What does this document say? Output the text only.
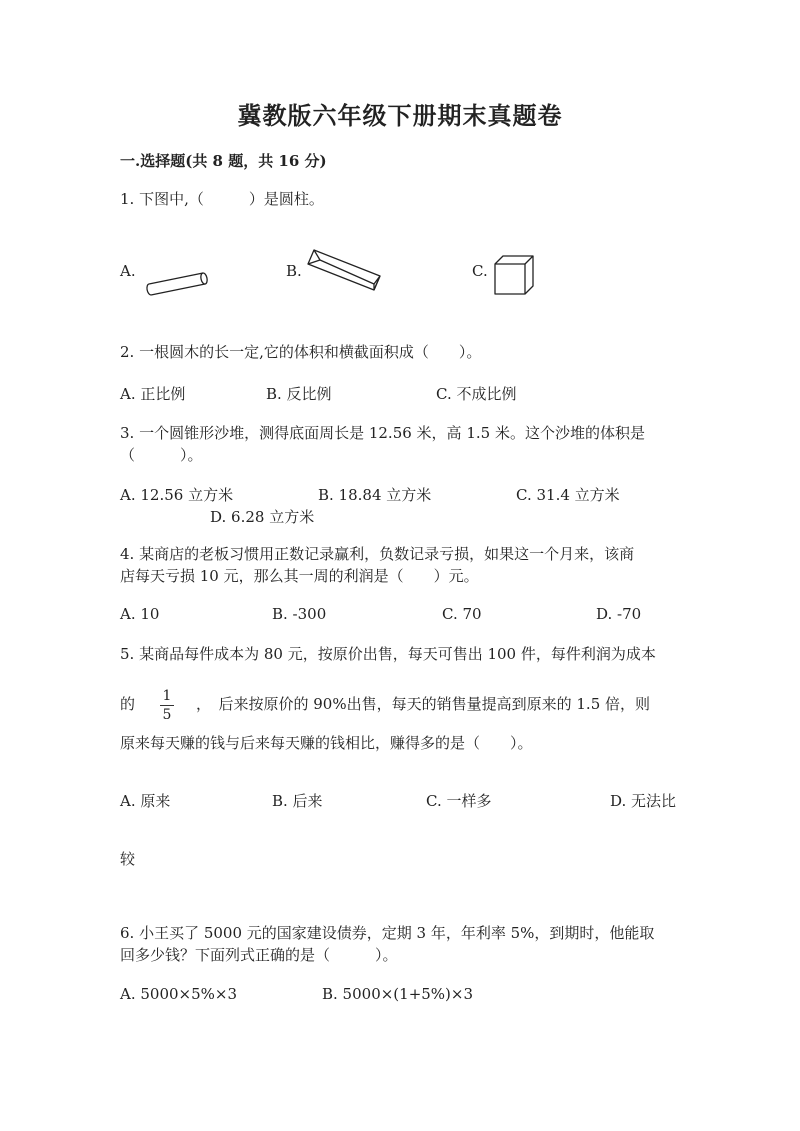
冀教版六年级下册期末真题卷
一.选择题(共 8 题，共 16 分)
1. 下图中,（　　　）是圆柱。
A.	B.	C.
2. 一根圆木的长一定,它的体积和横截面积成（　　）。
A. 正比例	B. 反比例	C. 不成比例
3. 一个圆锥形沙堆，测得底面周长是 12.56 米，高 1.5 米。这个沙堆的体积是
（　　　）。
A. 12.56 立方米	B. 18.84 立方米	C. 31.4 立方米
D. 6.28 立方米
4. 某商店的老板习惯用正数记录赢利，负数记录亏损，如果这一个月来，该商
店每天亏损 10 元，那么其一周的利润是（　　）元。
A. 10	B. -300	C. 70	D. -70
5. 某商品每件成本为 80 元，按原价出售，每天可售出 100 件，每件利润为成本
的 $\frac{1}{5}$ ，　后来按原价的 90%出售，每天的销售量提高到原来的 1.5 倍，则
原来每天赚的钱与后来每天赚的钱相比，赚得多的是（　　）。
A. 原来	B. 后来	C. 一样多	D. 无法比
较
6. 小王买了 5000 元的国家建设债券，定期 3 年，年利率 5%，到期时，他能取
回多少钱？下面列式正确的是（　　　）。
A. 5000×5%×3	B. 5000×(1+5%)×3
